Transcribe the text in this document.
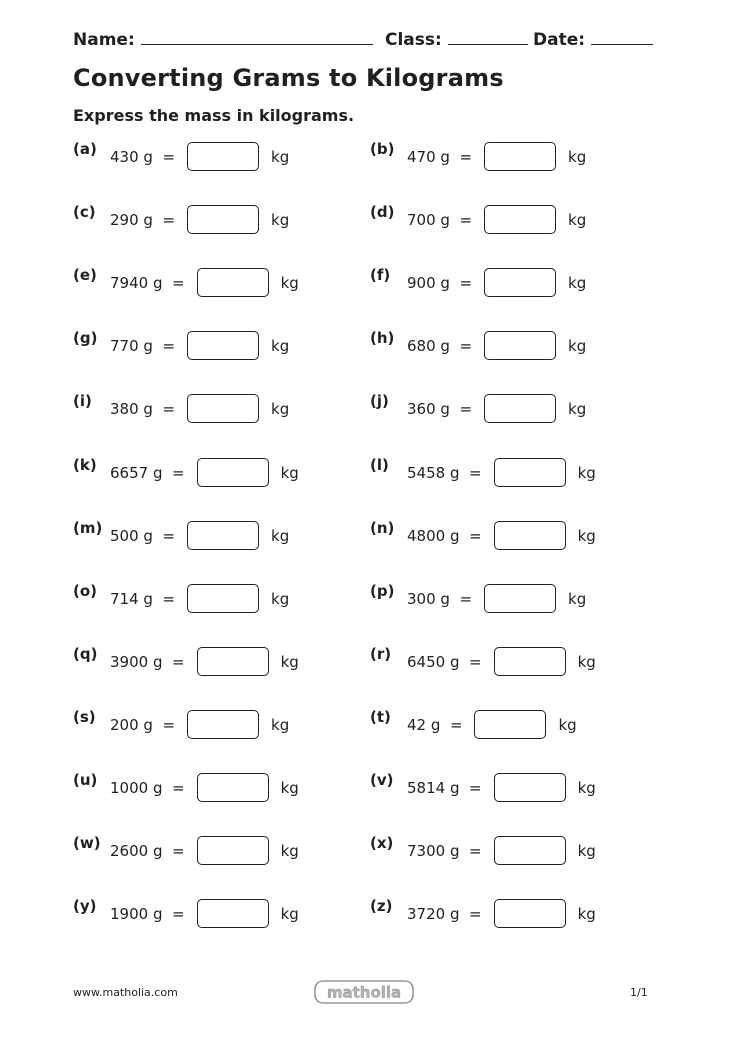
Name:	Class:	Date:
Converting Grams to Kilograms

Express the mass in kilograms.

(a) 430 g =	kg	(b) 470 g =	kg
(c) 290 g =	kg	(d) 700 g =	kg
(e) 7940 g =	kg	(f) 900 g =	kg
(g) 770 g =	kg	(h) 680 g =	kg
(i) 380 g =	kg	(j) 360 g =	kg
(k) 6657 g =	kg	(l) 5458 g =	kg
(m) 500 g =	kg	(n) 4800 g =	kg
(o) 714 g =	kg	(p) 300 g =	kg
(q) 3900 g =	kg	(r) 6450 g =	kg
(s) 200 g =	kg	(t) 42 g =	kg
(u) 1000 g =	kg	(v) 5814 g =	kg
(w) 2600 g =	kg	(x) 7300 g =	kg
(y) 1900 g =	kg	(z) 3720 g =	kg
www.matholia.com	matholia	1/1
